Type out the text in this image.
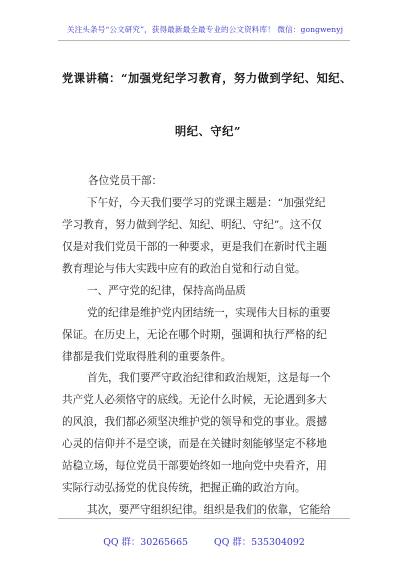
关注头条号“公文研究”，获得最新最全最专业的公文资料库！ 微信：gongwenyj
党课讲稿：“加强党纪学习教育，努力做到学纪、知纪、
明纪、守纪”
各位党员干部：
下午好，今天我们要学习的党课主题是：“加强党纪
学习教育，努力做到学纪、知纪、明纪、守纪”。这不仅
仅是对我们党员干部的一种要求，更是我们在新时代主题
教育理论与伟大实践中应有的政治自觉和行动自觉。
一、严守党的纪律，保持高尚品质
党的纪律是维护党内团结统一，实现伟大目标的重要
保证。在历史上，无论在哪个时期，强调和执行严格的纪
律都是我们党取得胜利的重要条件。
首先，我们要严守政治纪律和政治规矩，这是每一个
共产党人必须恪守的底线。无论什么时候，无论遇到多大
的风浪，我们都必须坚决维护党的领导和党的事业。震撼
心灵的信仰并不是空谈，而是在关键时刻能够坚定不移地
站稳立场，每位党员干部要始终如一地向党中央看齐，用
实际行动弘扬党的优良传统，把握正确的政治方向。
其次，要严守组织纪律。组织是我们的依靠，它能给
QQ 群：30265665	QQ 群：535304092
